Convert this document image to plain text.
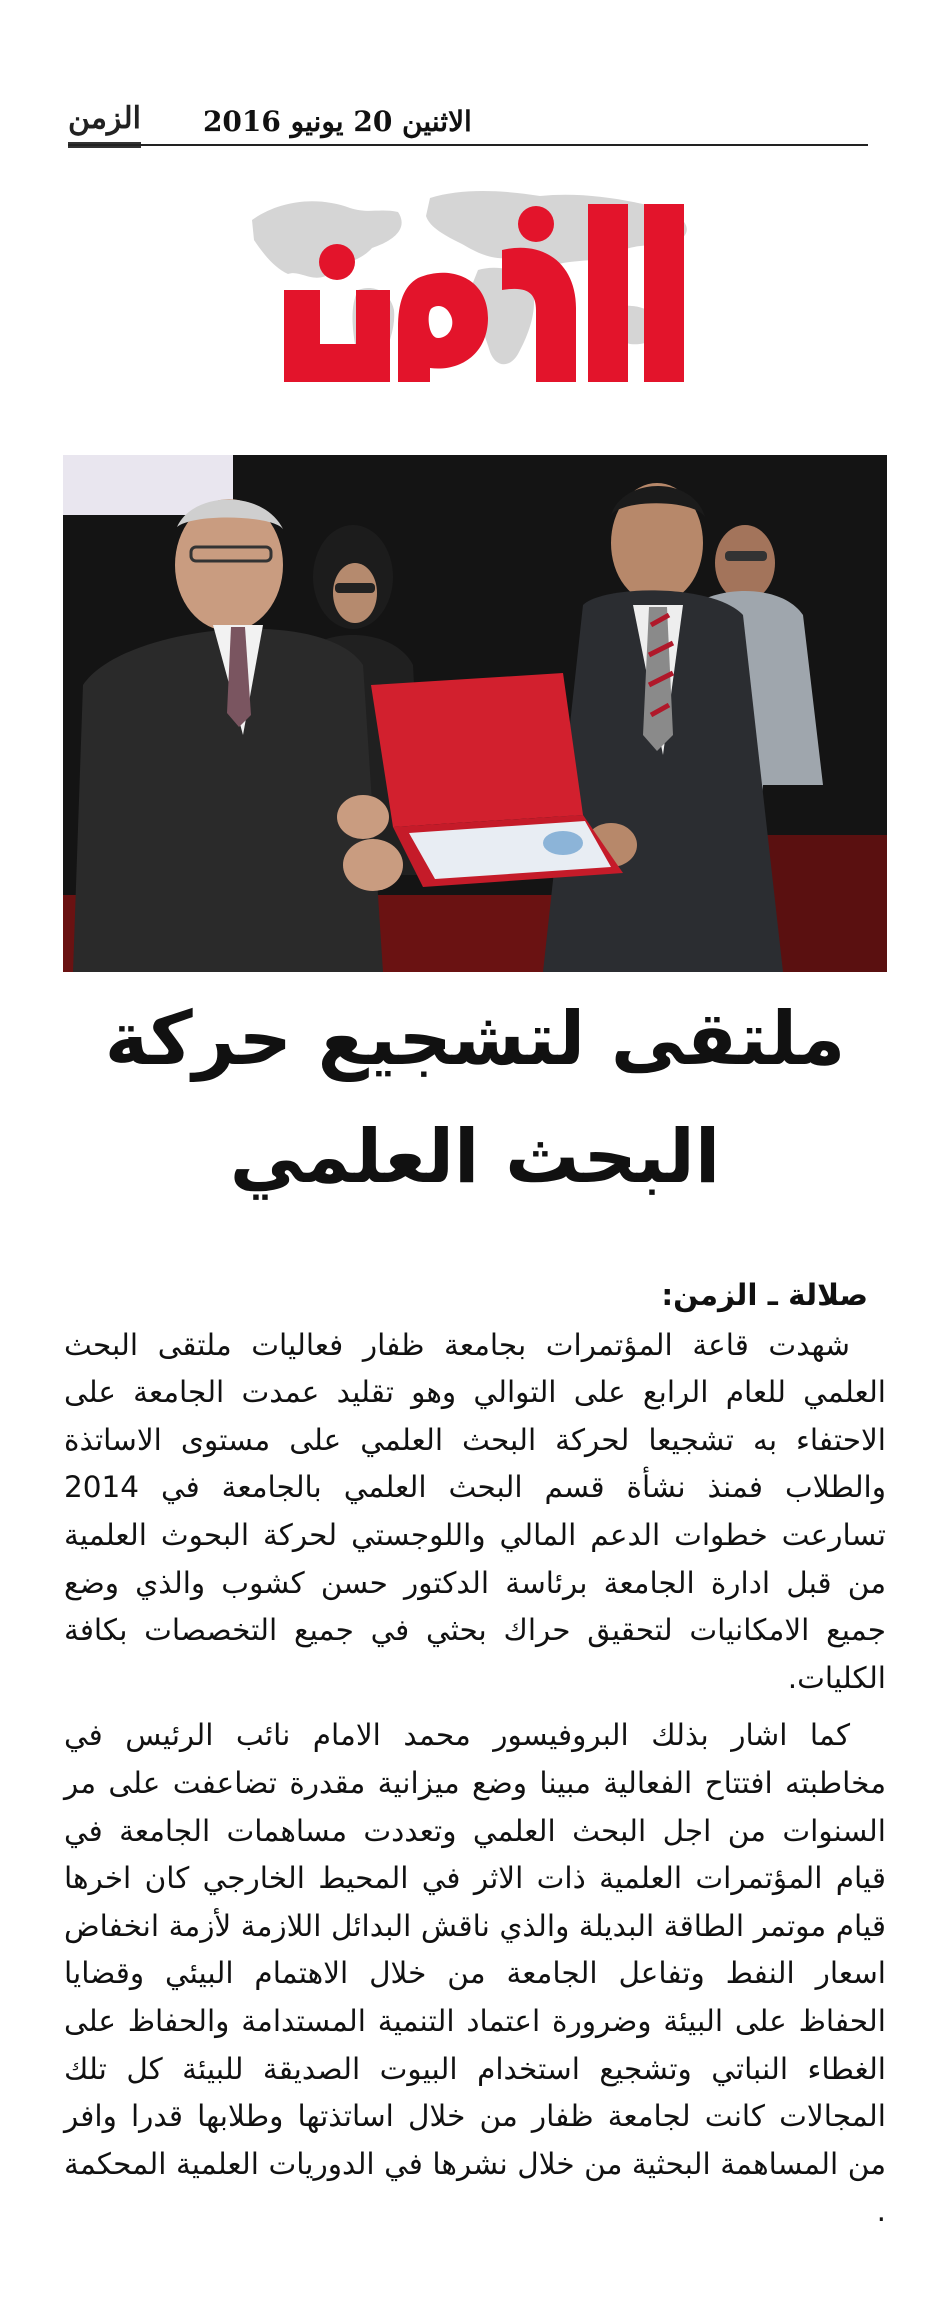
الزمن الاثنين 20 يونيو 2016
ملتقى لتشجيع حركة
البحث العلمي

صلالة ـ الزمن:

شهدت قاعة المؤتمرات بجامعة ظفار فعاليات ملتقى البحث العلمي للعام الرابع على التوالي وهو تقليد عمدت الجامعة على الاحتفاء به تشجيعا لحركة البحث العلمي على مستوى الاساتذة والطلاب فمنذ نشأة قسم البحث العلمي بالجامعة في 2014 تسارعت خطوات الدعم المالي واللوجستي لحركة البحوث العلمية من قبل ادارة الجامعة برئاسة الدكتور حسن كشوب والذي وضع جميع الامكانيات لتحقيق حراك بحثي في جميع التخصصات بكافة الكليات.

كما اشار بذلك البروفيسور محمد الامام نائب الرئيس في مخاطبته افتتاح الفعالية مبينا وضع ميزانية مقدرة تضاعفت على مر السنوات من اجل البحث العلمي وتعددت مساهمات الجامعة في قيام المؤتمرات العلمية ذات الاثر في المحيط الخارجي كان اخرها قيام موتمر الطاقة البديلة والذي ناقش البدائل اللازمة لأزمة انخفاض اسعار النفط وتفاعل الجامعة من خلال الاهتمام البيئي وقضايا الحفاظ على البيئة وضرورة اعتماد التنمية المستدامة والحفاظ على الغطاء النباتي وتشجيع استخدام البيوت الصديقة للبيئة كل تلك المجالات كانت لجامعة ظفار من خلال اساتذتها وطلابها قدرا وافر من المساهمة البحثية من خلال نشرها في الدوريات العلمية المحكمة .
